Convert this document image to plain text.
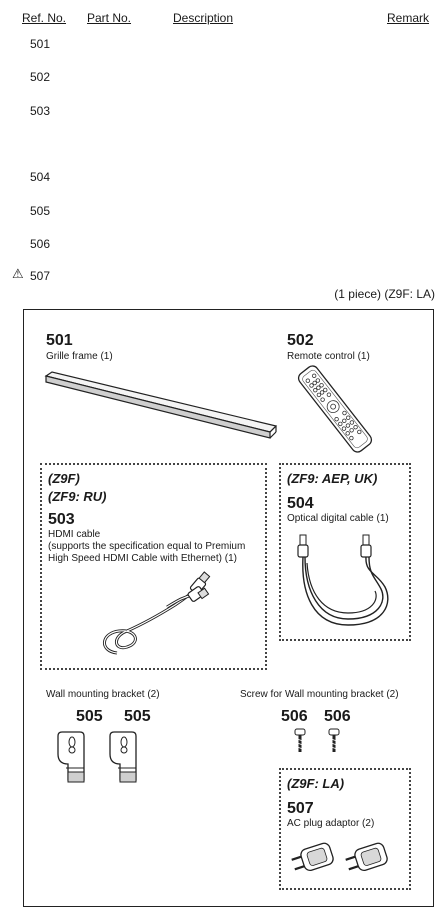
Ref. No. Part No.	Description	Remark
501
502
503
504
505
506
⚠ 507
(1 piece) (Z9F: LA)
501
Grille frame (1)
502
Remote control (1)
(Z9F)
(ZF9: RU)
503
HDMI cable
(supports the specification equal to Premium
High Speed HDMI Cable with Ethernet) (1)
(ZF9: AEP, UK)
504
Optical digital cable (1)
Wall mounting bracket (2)
505 505
Screw for Wall mounting bracket (2)
506 506
(Z9F: LA)
507
AC plug adaptor (2)
